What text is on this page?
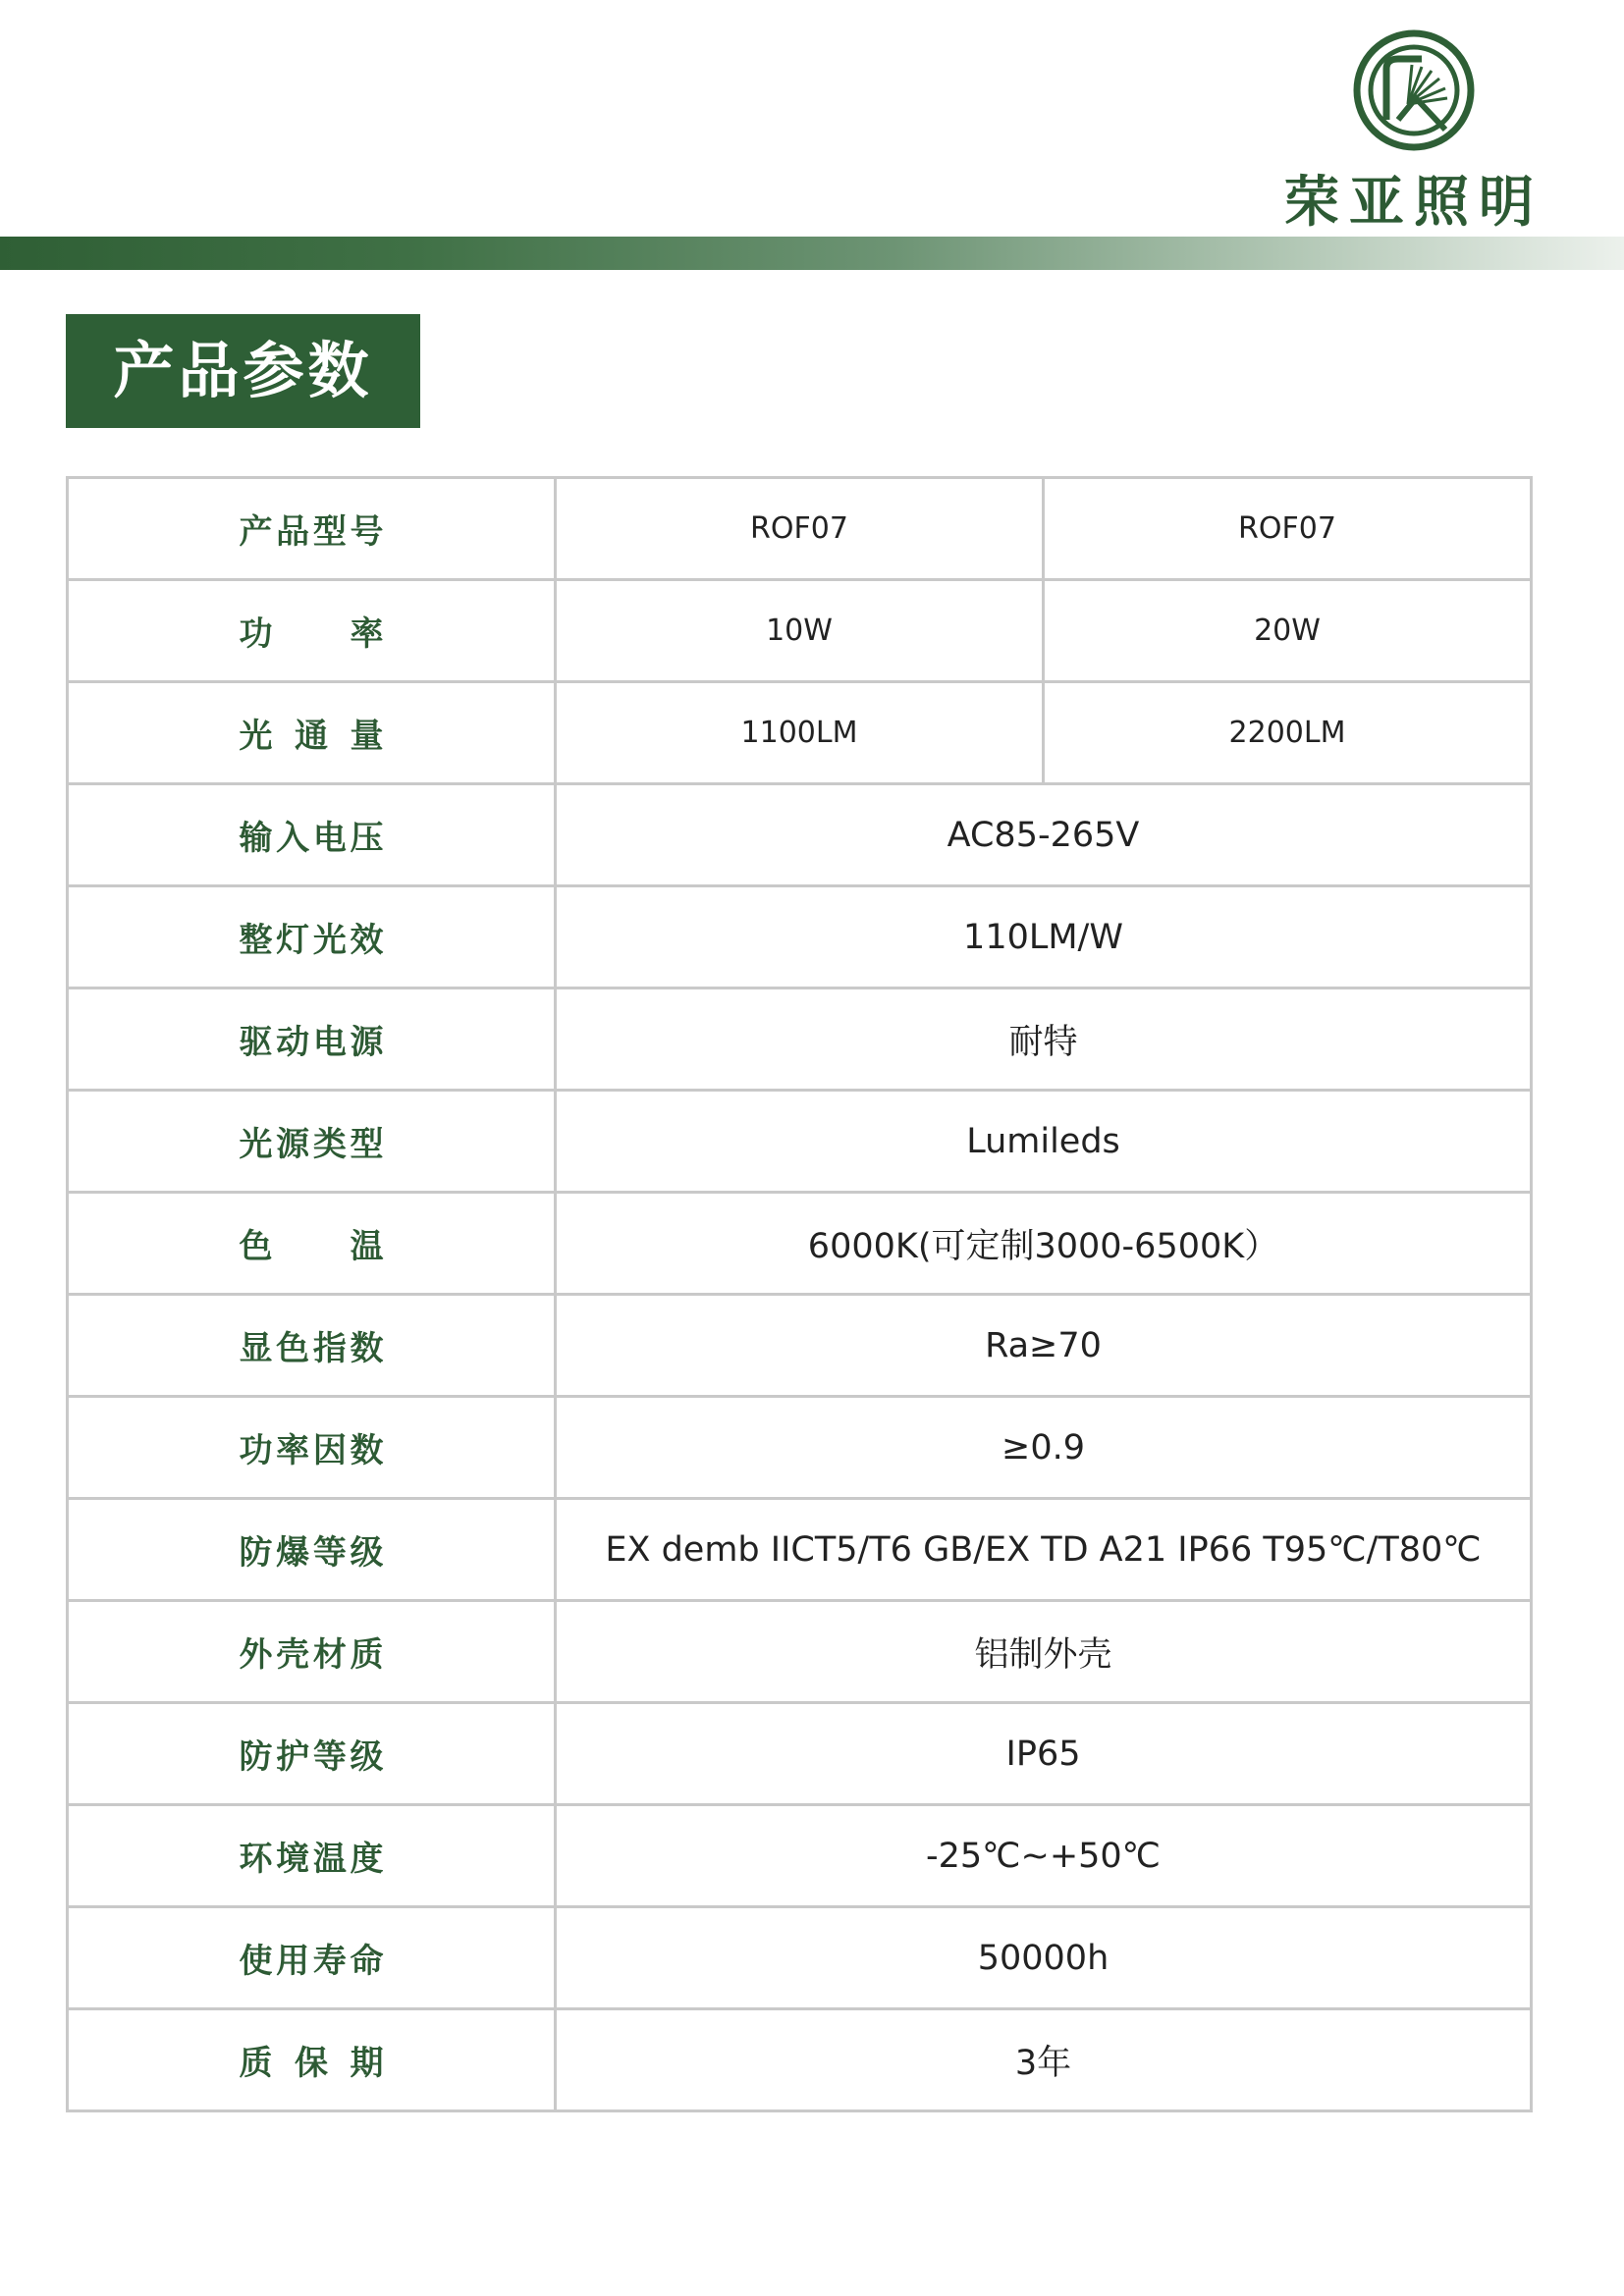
荣亚照明
产品参数
产品型号	ROF07	ROF07
功率	10W	20W
光通量	1100LM	2200LM
输入电压	AC85-265V	
整灯光效	110LM/W	
驱动电源	耐特	
光源类型	Lumileds	
色温	6000K(可定制3000-6500K）	
显色指数	Ra≥70	
功率因数	≥0.9	
防爆等级	EX demb IICT5/T6 GB/EX TD A21 IP66 T95℃/T80℃	
外壳材质	铝制外壳	
防护等级	IP65	
环境温度	-25℃~+50℃	
使用寿命	50000h	
质保期	3年	
